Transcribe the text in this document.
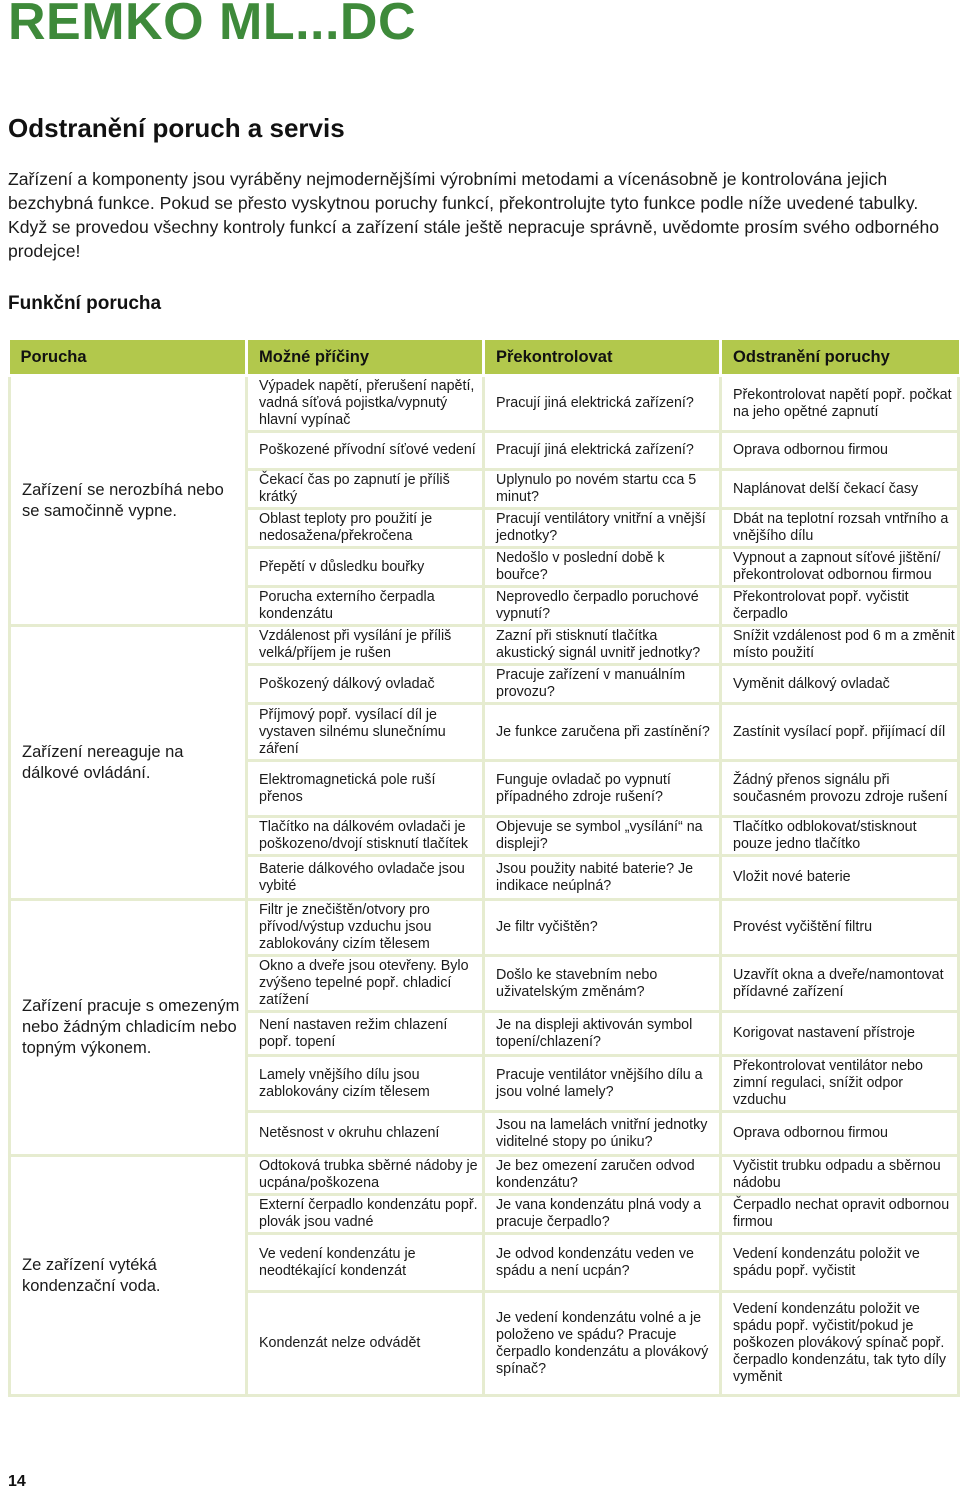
REMKO ML...DC
Odstranění poruch a servis
Zařízení a komponenty jsou vyráběny nejmodernějšími výrobními metodami a vícenásobně je kontrolována jejich bezchybná funkce. Pokud se přesto vyskytnou poruchy funkcí, překontrolujte tyto funkce podle níže uvedené tabulky. Když se provedou všechny kontroly funkcí a zařízení stále ještě nepracuje správně, uvědomte prosím svého odborného prodejce!
Funkční porucha
Porucha	Možné příčiny	Překontrolovat	Odstranění poruchy
Zařízení se nerozbíhá nebo se samočinně vypne.	Výpadek napětí, přerušení napětí, vadná síťová pojistka/vypnutý hlavní vypínač	Pracují jiná elektrická zařízení?	Překontrolovat napětí popř. počkat na jeho opětné zapnutí
	Poškozené přívodní síťové vedení	Pracují jiná elektrická zařízení?	Oprava odbornou firmou
	Čekací čas po zapnutí je příliš krátký	Uplynulo po novém startu cca 5 minut?	Naplánovat delší čekací časy
	Oblast teploty pro použití je nedosažena/překročena	Pracují ventilátory vnitřní a vnější jednotky?	Dbát na teplotní rozsah vntřního a vnějšího dílu
	Přepětí v důsledku bouřky	Nedošlo v poslední době k bouřce?	Vypnout a zapnout síťové jištění/ překontrolovat odbornou firmou
	Porucha externího čerpadla kondenzátu	Neprovedlo čerpadlo poruchové vypnutí?	Překontrolovat popř. vyčistit čerpadlo
Zařízení nereaguje na dálkové ovládání.	Vzdálenost při vysílání je příliš velká/příjem je rušen	Zazní při stisknutí tlačítka akustický signál uvnitř jednotky?	Snížit vzdálenost pod 6 m a změnit místo použití
	Poškozený dálkový ovladač	Pracuje zařízení v manuálním provozu?	Vyměnit dálkový ovladač
	Příjmový popř. vysílací díl je vystaven silnému slunečnímu záření	Je funkce zaručena při zastínění?	Zastínit vysílací popř. přijímací díl
	Elektromagnetická pole ruší přenos	Funguje ovladač po vypnutí případného zdroje rušení?	Žádný přenos signálu při současném provozu zdroje rušení
	Tlačítko na dálkovém ovladači je poškozeno/dvojí stisknutí tlačítek	Objevuje se symbol „vysílání“ na displeji?	Tlačítko odblokovat/stisknout pouze jedno tlačítko
	Baterie dálkového ovladače jsou vybité	Jsou použity nabité baterie? Je indikace neúplná?	Vložit nové baterie
Zařízení pracuje s omezeným nebo žádným chladicím nebo topným výkonem.	Filtr je znečištěn/otvory pro přívod/výstup vzduchu jsou zablokovány cizím tělesem	Je filtr vyčištěn?	Provést vyčištění filtru
	Okno a dveře jsou otevřeny. Bylo zvýšeno tepelné popř. chladicí zatížení	Došlo ke stavebním nebo uživatelským změnám?	Uzavřít okna a dveře/namontovat přídavné zařízení
	Není nastaven režim chlazení popř. topení	Je na displeji aktivován symbol topení/chlazení?	Korigovat nastavení přístroje
	Lamely vnějšího dílu jsou zablokovány cizím tělesem	Pracuje ventilátor vnějšího dílu a jsou volné lamely?	Překontrolovat ventilátor nebo zimní regulaci, snížit odpor vzduchu
	Netěsnost v okruhu chlazení	Jsou na lamelách vnitřní jednotky viditelné stopy po úniku?	Oprava odbornou firmou
Ze zařízení vytéká kondenzační voda.	Odtoková trubka sběrné nádoby je ucpána/poškozena	Je bez omezení zaručen odvod kondenzátu?	Vyčistit trubku odpadu a sběrnou nádobu
	Externí čerpadlo kondenzátu popř. plovák jsou vadné	Je vana kondenzátu plná vody a pracuje čerpadlo?	Čerpadlo nechat opravit odbornou firmou
	Ve vedení kondenzátu je neodtékající kondenzát	Je odvod kondenzátu veden ve spádu a není ucpán?	Vedení kondenzátu položit ve spádu popř. vyčistit
	Kondenzát nelze odvádět	Je vedení kondenzátu volné a je položeno ve spádu? Pracuje čerpadlo kondenzátu a plovákový spínač?	Vedení kondenzátu položit ve spádu popř. vyčistit/pokud je poškozen plovákový spínač popř. čerpadlo kondenzátu, tak tyto díly vyměnit
14
